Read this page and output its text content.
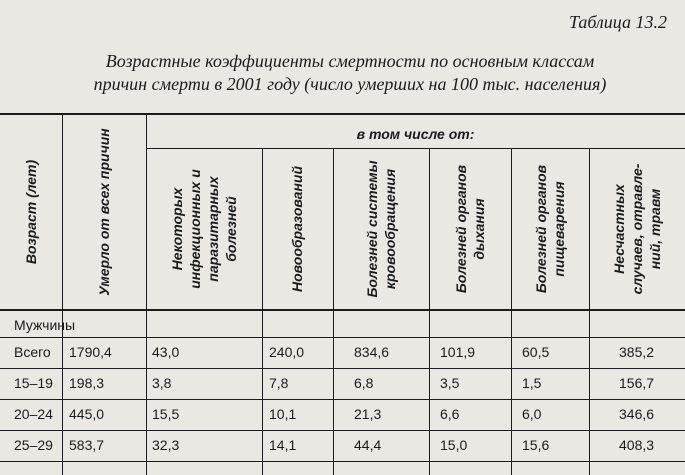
Таблица 13.2
Возрастные коэффициенты смертности по основным классам
причин смерти в 2001 году (число умерших на 100 тыс. населения)
Возраст (лет)	Умерло от всех причин	в том числе от:
Некоторых инфекционных и паразитарных болезней	Новообразований	Болезней системы кровообращения	Болезней органов дыхания	Болезней органов пищеварения	Несчастных случаев, отравле- ний, травм
Мужчины
Всего 1790,4	43,0	240,0	834,6	101,9	60,5	385,2
15–19 198,3	3,8	7,8	6,8	3,5	1,5	156,7
20–24 445,0	15,5	10,1	21,3	6,6	6,0	346,6
25–29 583,7	32,3	14,1	44,4	15,0	15,6	408,3
